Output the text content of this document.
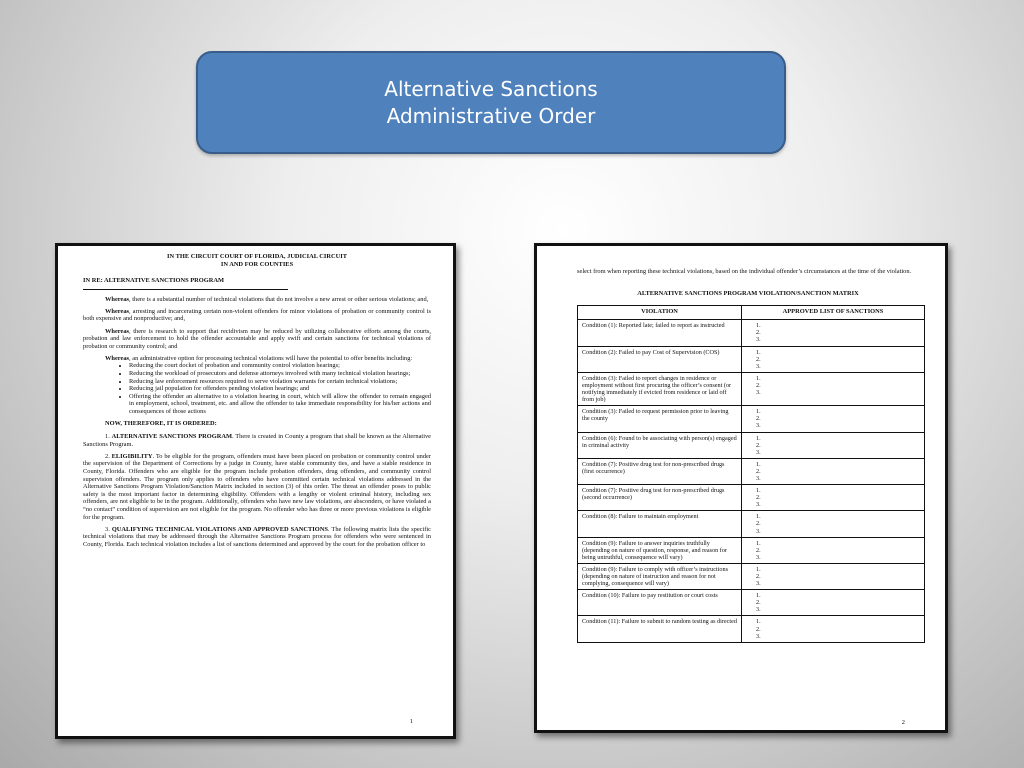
Alternative Sanctions
Administrative Order
IN THE CIRCUIT COURT OF FLORIDA, JUDICIAL CIRCUIT
IN AND FOR COUNTIES
IN RE: ALTERNATIVE SANCTIONS PROGRAM

Whereas, there is a substantial number of technical violations that do not involve a new arrest or other serious violations; and,

Whereas, arresting and incarcerating certain non-violent offenders for minor violations of probation or community control is both expensive and nonproductive; and,

Whereas, there is research to support that recidivism may be reduced by utilizing collaborative efforts among the courts, probation and law enforcement to hold the offender accountable and apply swift and certain sanctions for technical violations of probation or community control; and

Whereas, an administrative option for processing technical violations will have the potential to offer benefits including:

• Reducing the court docket of probation and community control violation hearings;
• Reducing the workload of prosecutors and defense attorneys involved with many technical violation hearings;
• Reducing law enforcement resources required to serve violation warrants for certain technical violations;
• Reducing jail population for offenders pending violation hearings; and
• Offering the offender an alternative to a violation hearing in court, which will allow the offender to remain engaged in employment, school, treatment, etc. and allow the offender to take immediate responsibility for his/her actions and consequences of those actions
NOW, THEREFORE, IT IS ORDERED:

1. ALTERNATIVE SANCTIONS PROGRAM. There is created in County a program that shall be known as the Alternative Sanctions Program.

2. ELIGIBILITY. To be eligible for the program, offenders must have been placed on probation or community control under the supervision of the Department of Corrections by a judge in County, have stable community ties, and have a stable residence in County, Florida. Offenders who are eligible for the program include probation offenders, drug offenders, and community control supervision offenders. The program only applies to offenders who have committed certain technical violations addressed in the Alternative Sanctions Program Violation/Sanction Matrix included in section (3) of this order. The threat an offender poses to public safety is the most important factor in determining eligibility. Offenders with a lengthy or violent criminal history, including sex offenders, are not eligible to be in the program. Additionally, offenders who have new law violations, are absconders, or have violated a “no contact” condition of supervision are not eligible for the program. No offender who has three or more previous violations is eligible for the program.

3. QUALIFYING TECHNICAL VIOLATIONS AND APPROVED SANCTIONS. The following matrix lists the specific technical violations that may be addressed through the Alternative Sanctions Program process for offenders who were sentenced in County, Florida. Each technical violation includes a list of sanctions determined and approved by the court for the probation officer to

1

select from when reporting these technical violations, based on the individual offender’s circumstances at the time of the violation.

ALTERNATIVE SANCTIONS PROGRAM VIOLATION/SANCTION MATRIX
VIOLATION	APPROVED LIST OF SANCTIONS
Condition (1): Reported late; failed to report as instructed	1.
2.
3.

Condition (2): Failed to pay Cost of Supervision (COS)	1.
2.
3.

Condition (3): Failed to report changes in residence or employment without first procuring the officer’s consent (or notifying immediately if evicted from residence or laid off from job)	1.
2.
3.

Condition (3): Failed to request permission prior to leaving the county	1.
2.
3.

Condition (6): Found to be associating with person(s) engaged in criminal activity	1.
2.
3.

Condition (7): Positive drug test for non-prescribed drugs (first occurrence)	1.
2.
3.

Condition (7): Positive drug test for non-prescribed drugs (second occurrence)	1.
2.
3.

Condition (8): Failure to maintain employment	1.
2.
3.

Condition (9): Failure to answer inquiries truthfully (depending on nature of question, response, and reason for being untruthful, consequence will vary)	1.
2.
3.

Condition (9): Failure to comply with officer’s instructions (depending on nature of instruction and reason for not complying, consequence will vary)	1.
2.
3.

Condition (10): Failure to pay restitution or court costs	1.
2.
3.

Condition (11): Failure to submit to random testing as directed	1.
2.
3.
2
